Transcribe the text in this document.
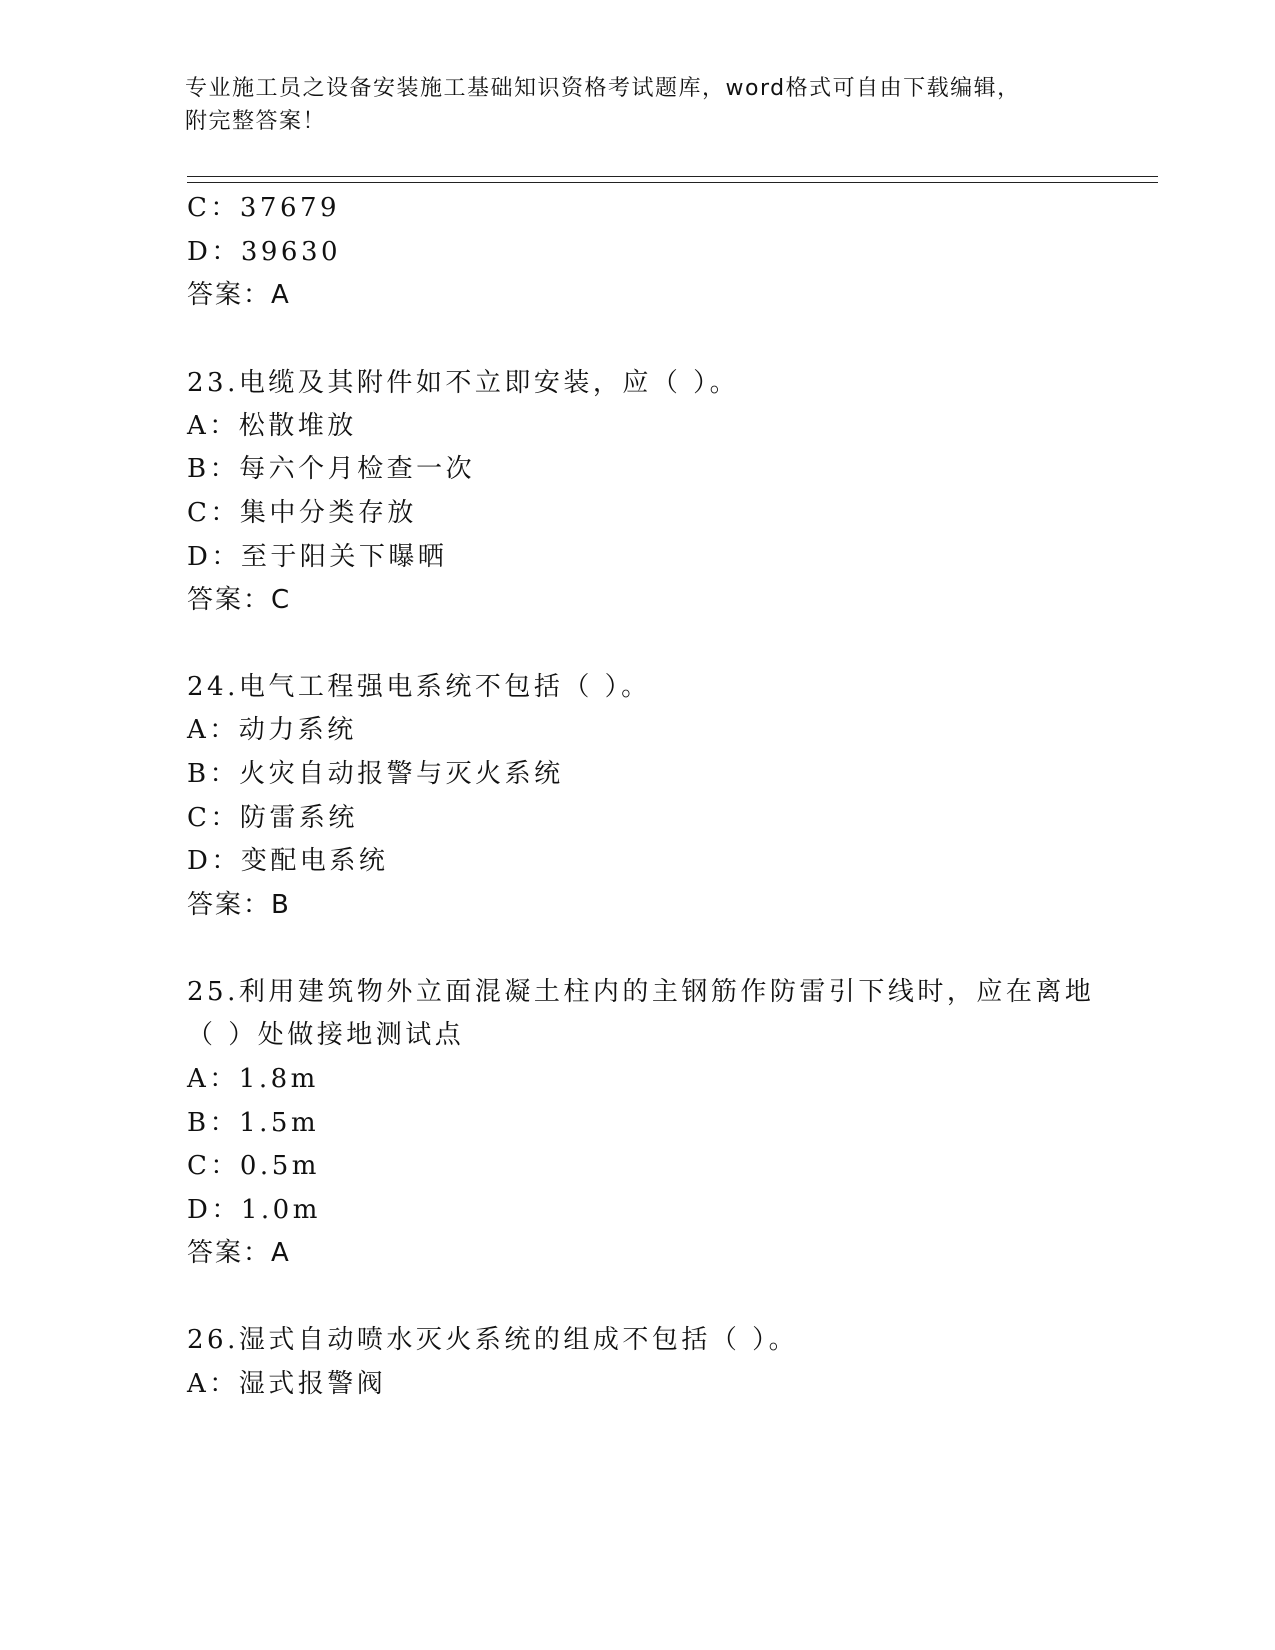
专业施工员之设备安装施工基础知识资格考试题库，word格式可自由下载编辑，
附完整答案！
C：37679
D：39630
答案：A
23.电缆及其附件如不立即安装，应（ ）。
A：松散堆放
B：每六个月检查一次
C：集中分类存放
D：至于阳关下曝晒
答案：C
24.电气工程强电系统不包括（ ）。
A：动力系统
B：火灾自动报警与灭火系统
C：防雷系统
D：变配电系统
答案：B
25.利用建筑物外立面混凝土柱内的主钢筋作防雷引下线时，应在离地
（ ）处做接地测试点
A：1.8m
B：1.5m
C：0.5m
D：1.0m
答案：A
26.湿式自动喷水灭火系统的组成不包括（ ）。
A：湿式报警阀
